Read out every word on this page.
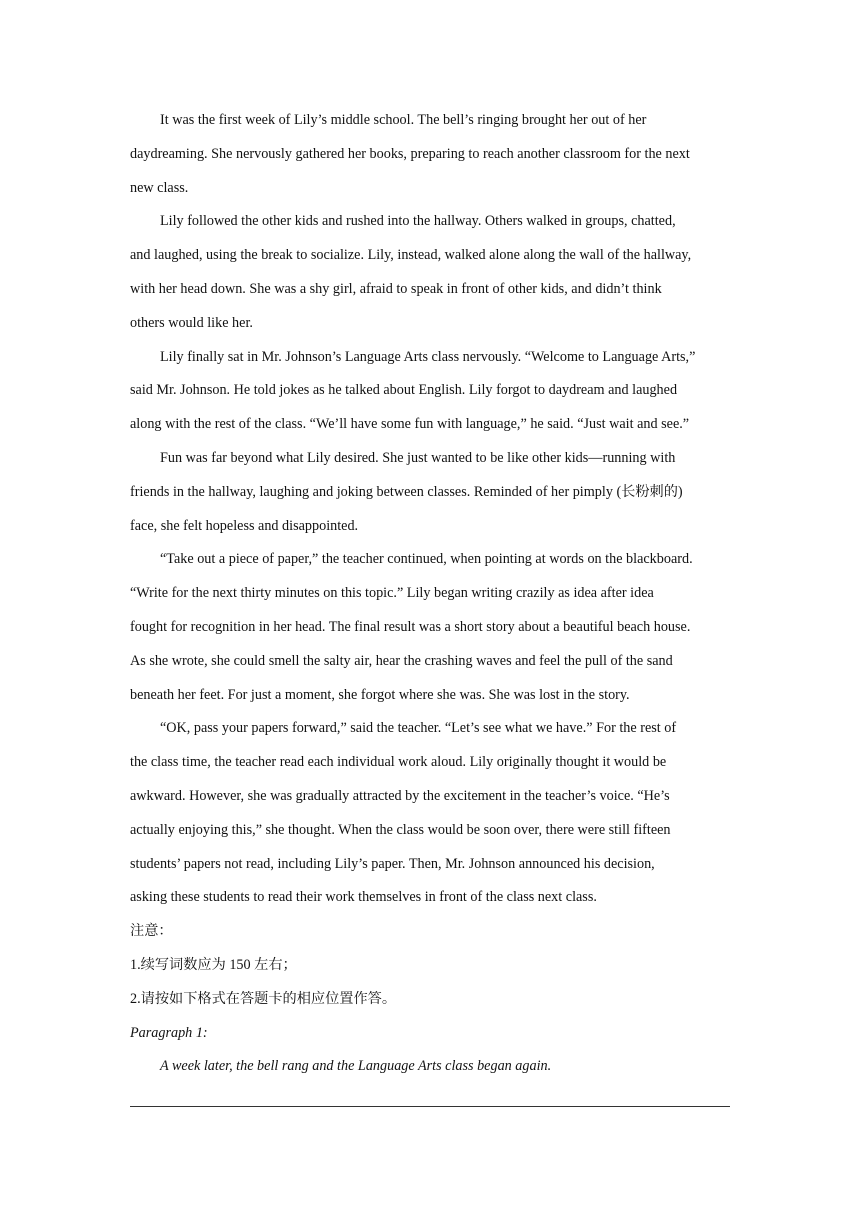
It was the first week of Lily’s middle school. The bell’s ringing brought her out of her
daydreaming. She nervously gathered her books, preparing to reach another classroom for the next
new class.
Lily followed the other kids and rushed into the hallway. Others walked in groups, chatted,
and laughed, using the break to socialize. Lily, instead, walked alone along the wall of the hallway,
with her head down. She was a shy girl, afraid to speak in front of other kids, and didn’t think
others would like her.
Lily finally sat in Mr. Johnson’s Language Arts class nervously. “Welcome to Language Arts,”
said Mr. Johnson. He told jokes as he talked about English. Lily forgot to daydream and laughed
along with the rest of the class. “We’ll have some fun with language,” he said. “Just wait and see.”
Fun was far beyond what Lily desired. She just wanted to be like other kids—running with
friends in the hallway, laughing and joking between classes. Reminded of her pimply (长粉刺的)
face, she felt hopeless and disappointed.
“Take out a piece of paper,” the teacher continued, when pointing at words on the blackboard.
“Write for the next thirty minutes on this topic.” Lily began writing crazily as idea after idea
fought for recognition in her head. The final result was a short story about a beautiful beach house.
As she wrote, she could smell the salty air, hear the crashing waves and feel the pull of the sand
beneath her feet. For just a moment, she forgot where she was. She was lost in the story.
“OK, pass your papers forward,” said the teacher. “Let’s see what we have.” For the rest of
the class time, the teacher read each individual work aloud. Lily originally thought it would be
awkward. However, she was gradually attracted by the excitement in the teacher’s voice. “He’s
actually enjoying this,” she thought. When the class would be soon over, there were still fifteen
students’ papers not read, including Lily’s paper. Then, Mr. Johnson announced his decision,
asking these students to read their work themselves in front of the class next class.
注意：
1.续写词数应为 150 左右；
2.请按如下格式在答题卡的相应位置作答。
Paragraph 1:
A week later, the bell rang and the Language Arts class began again.
